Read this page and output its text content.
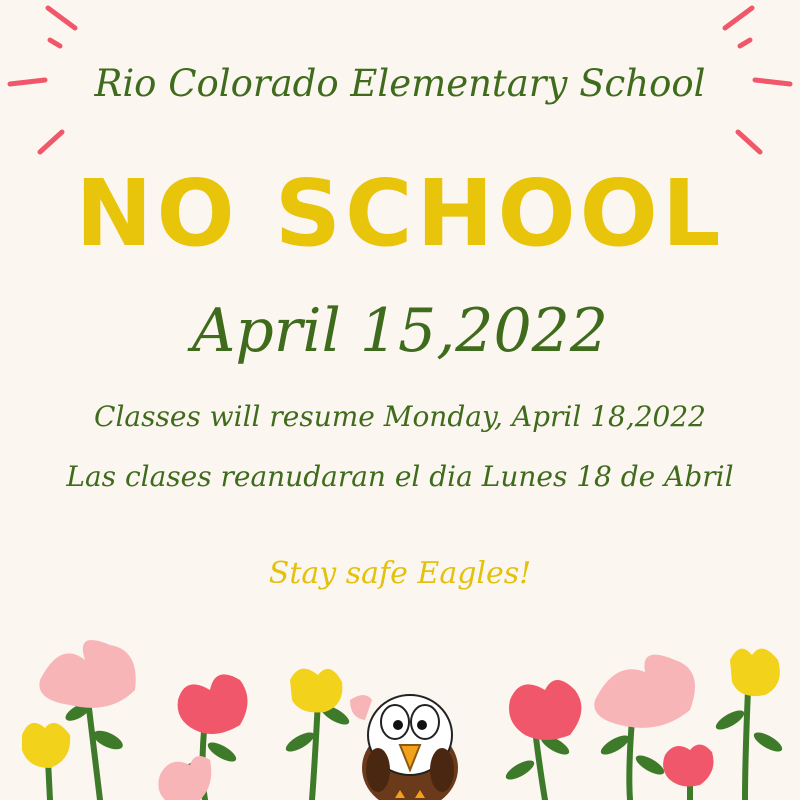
Rio Colorado Elementary School
NO SCHOOL
April 15,2022
Classes will resume Monday, April 18,2022
Las clases reanudaran el dia Lunes 18 de Abril
Stay safe Eagles!
